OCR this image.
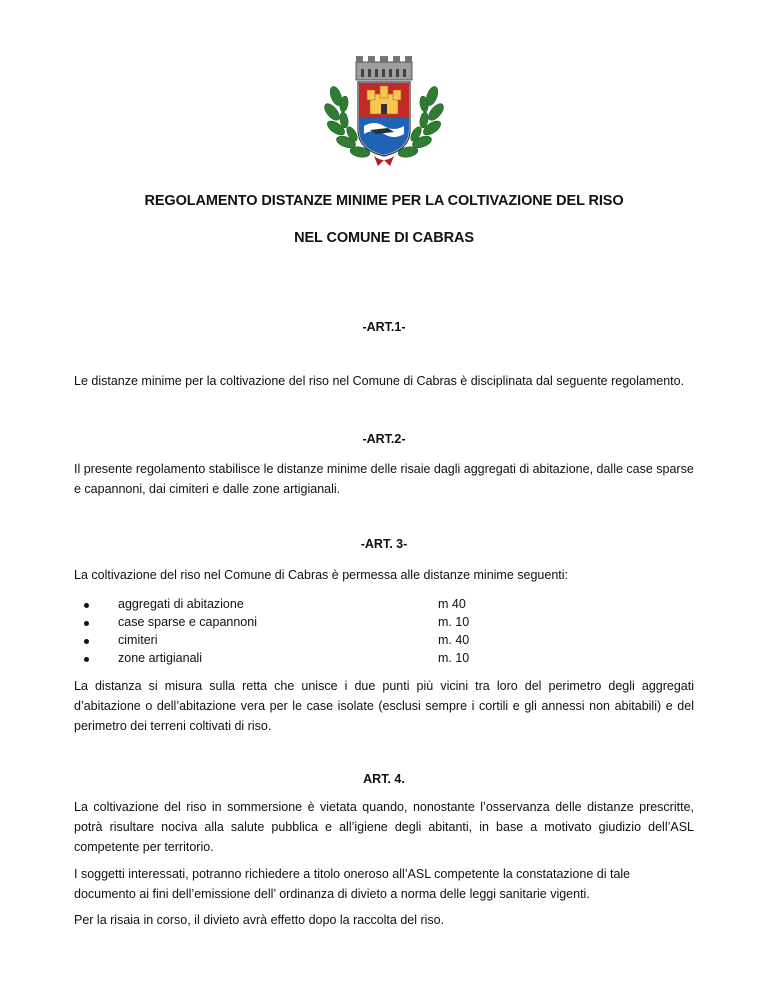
REGOLAMENTO DISTANZE MINIME PER LA COLTIVAZIONE DEL RISO
NEL COMUNE DI CABRAS
-ART.1-
Le distanze minime per la coltivazione del riso nel Comune di Cabras è disciplinata dal seguente regolamento.
-ART.2-
Il presente regolamento stabilisce le distanze minime delle risaie dagli aggregati di abitazione, dalle case sparse e capannoni, dai cimiteri e dalle zone artigianali.
-ART. 3-
La coltivazione del riso nel Comune di Cabras è permessa alle distanze minime seguenti:
aggregati di abitazione	m 40
case sparse e capannoni	m. 10
cimiteri	m. 40
zone artigianali	m. 10
La distanza si misura sulla retta che unisce i due punti più vicini tra loro del perimetro degli aggregati d’abitazione o dell’abitazione vera per le case isolate (esclusi sempre i cortili e gli annessi non abitabili) e del perimetro dei terreni coltivati di riso.
ART. 4.
La coltivazione del riso in sommersione è vietata quando, nonostante l’osservanza delle distanze prescritte, potrà risultare nociva alla salute pubblica e all’igiene degli abitanti, in base a motivato giudizio dell’ASL competente per territorio.
I soggetti interessati, potranno richiedere a titolo oneroso all’ASL competente la constatazione di tale documento ai fini dell’emissione dell’ ordinanza di divieto a norma delle leggi sanitarie vigenti.
Per la risaia in corso, il divieto avrà effetto dopo la raccolta del riso.
